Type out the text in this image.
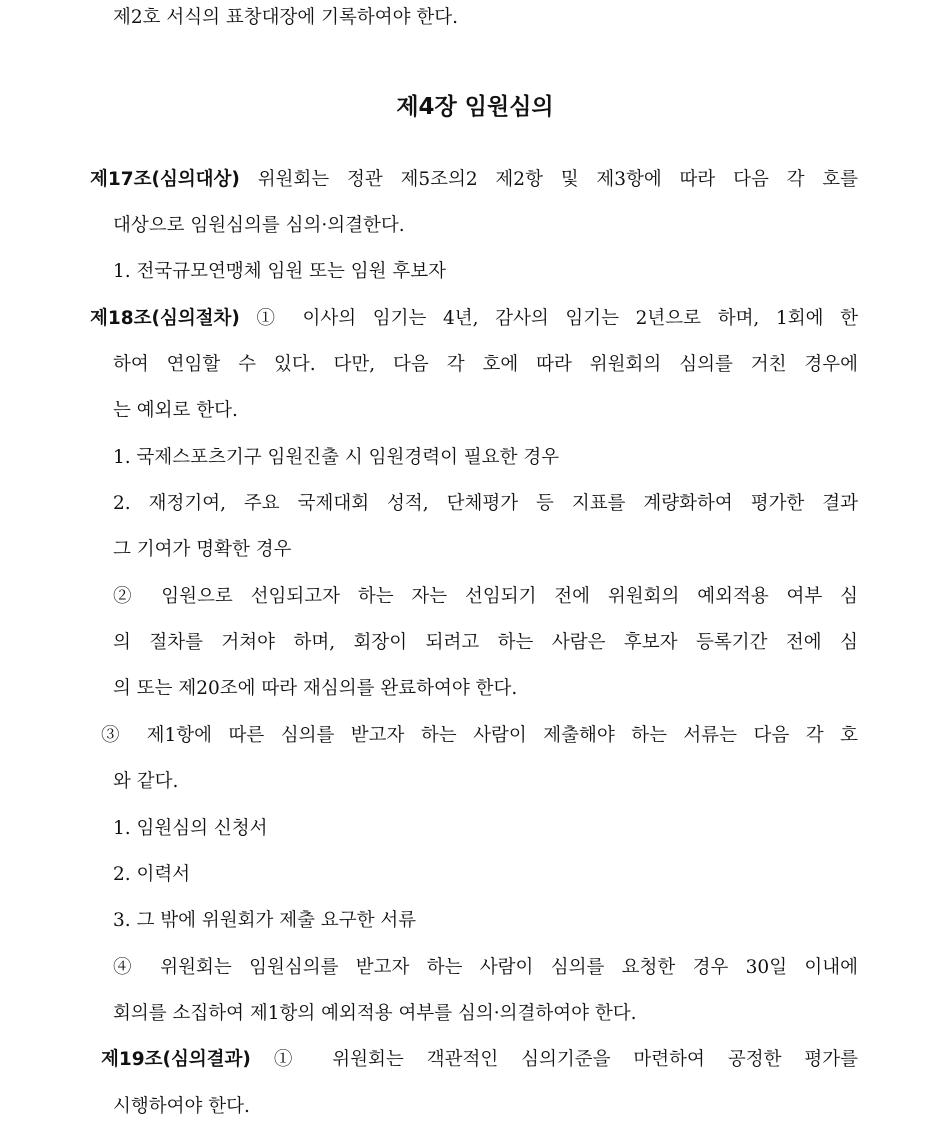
제2호 서식의 표창대장에 기록하여야 한다.
제4장 임원심의
제17조(심의대상) 위원회는 정관 제5조의2 제2항 및 제3항에 따라 다음 각 호를
대상으로 임원심의를 심의·의결한다.
1. 전국규모연맹체 임원 또는 임원 후보자
제18조(심의절차) ① 이사의 임기는 4년, 감사의 임기는 2년으로 하며, 1회에 한
하여 연임할 수 있다. 다만, 다음 각 호에 따라 위원회의 심의를 거친 경우에
는 예외로 한다.
1. 국제스포츠기구 임원진출 시 임원경력이 필요한 경우
2. 재정기여, 주요 국제대회 성적, 단체평가 등 지표를 계량화하여 평가한 결과
그 기여가 명확한 경우
② 임원으로 선임되고자 하는 자는 선임되기 전에 위원회의 예외적용 여부 심
의 절차를 거쳐야 하며, 회장이 되려고 하는 사람은 후보자 등록기간 전에 심
의 또는 제20조에 따라 재심의를 완료하여야 한다.
③ 제1항에 따른 심의를 받고자 하는 사람이 제출해야 하는 서류는 다음 각 호
와 같다.
1. 임원심의 신청서
2. 이력서
3. 그 밖에 위원회가 제출 요구한 서류
④ 위원회는 임원심의를 받고자 하는 사람이 심의를 요청한 경우 30일 이내에
회의를 소집하여 제1항의 예외적용 여부를 심의·의결하여야 한다.
제19조(심의결과) ① 위원회는 객관적인 심의기준을 마련하여 공정한 평가를
시행하여야 한다.
